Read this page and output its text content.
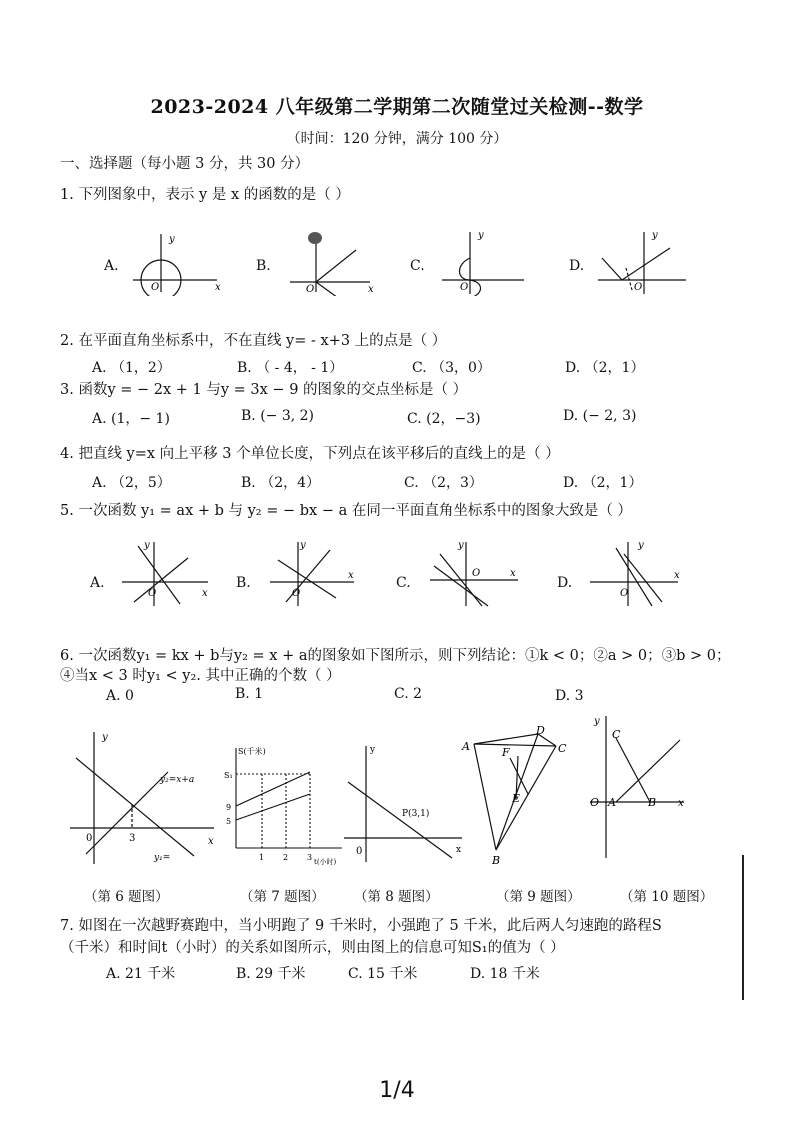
2023-2024 八年级第二学期第二次随堂过关检测--数学
（时间：120 分钟，满分 100 分）
一、选择题（每小题 3 分，共 30 分）
1. 下列图象中，表示 y 是 x 的函数的是（ ）
A.	B.	C.	D.
y
x
O	x
O
y
O
y
O
2. 在平面直角坐标系中，不在直线 y= - x+3 上的点是（ ）
A. （1，2）	B. （ - 4， - 1）	C. （3，0）	D. （2，1）
3. 函数y = − 2x + 1 与y = 3x − 9 的图象的交点坐标是（ ）
A. (1，− 1)	B. (− 3, 2)	C. (2，−3)	D. (− 2, 3)
4. 把直线 y=x 向上平移 3 个单位长度，下列点在该平移后的直线上的是（ ）
A. （2，5）	B. （2，4）	C. （2，3）	D. （2，1）
5. 一次函数 y₁ = ax + b 与 y₂ = − bx − a 在同一平面直角坐标系中的图象大致是（ ）
A.	B.	C.	D.
y
x
O
y
x
O
y
x
O
y
x
O
6. 一次函数y₁ = kx + b与y₂ = x + a的图象如下图所示，则下列结论：①k < 0；②a > 0；③b > 0；
④当x < 3 时y₁ < y₂. 其中正确的个数（ ）
A. 0	B. 1	C. 2	D. 3
y
x
0	3
y₂=x+a
y₁=
S(千米)
S₁
9
5
1 2 3 t(小时)
y
0
P(3,1)
x
A
B
C
D
E
F
y
C
O A	B x
（第 6 题图）	（第 7 题图） （第 8 题图）	（第 9 题图）	（第 10 题图）
7. 如图在一次越野赛跑中，当小明跑了 9 千米时，小强跑了 5 千米，此后两人匀速跑的路程S
（千米）和时间t（小时）的关系如图所示，则由图上的信息可知S₁的值为（ ）
A. 21 千米	B. 29 千米	C. 15 千米	D. 18 千米
1/4
